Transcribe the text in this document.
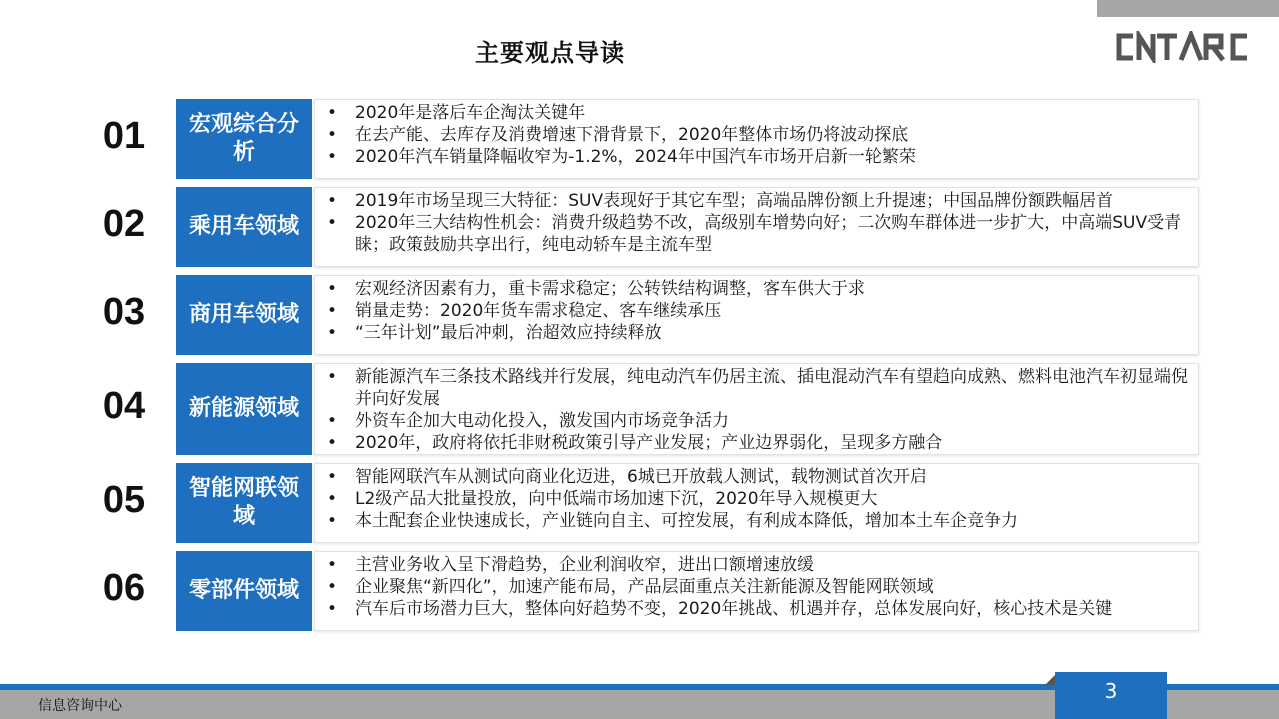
主要观点导读
01	宏观综合分析
• 2020年是落后车企淘汰关键年
• 在去产能、去库存及消费增速下滑背景下，2020年整体市场仍将波动探底
• 2020年汽车销量降幅收窄为-1.2%，2024年中国汽车市场开启新一轮繁荣
02	乘用车领域
• 2019年市场呈现三大特征：SUV表现好于其它车型；高端品牌份额上升提速；中国品牌份额跌幅居首
• 2020年三大结构性机会：消费升级趋势不改，高级别车增势向好；二次购车群体进一步扩大，中高端SUV受青睐；政策鼓励共享出行，纯电动轿车是主流车型
03	商用车领域
• 宏观经济因素有力，重卡需求稳定；公转铁结构调整，客车供大于求
• 销量走势：2020年货车需求稳定、客车继续承压
• “三年计划”最后冲刺，治超效应持续释放
04	新能源领域
• 新能源汽车三条技术路线并行发展，纯电动汽车仍居主流、插电混动汽车有望趋向成熟、燃料电池汽车初显端倪并向好发展
• 外资车企加大电动化投入，激发国内市场竞争活力
• 2020年，政府将依托非财税政策引导产业发展；产业边界弱化，呈现多方融合
05	智能网联领域
• 智能网联汽车从测试向商业化迈进，6城已开放载人测试，载物测试首次开启
• L2级产品大批量投放，向中低端市场加速下沉，2020年导入规模更大
• 本土配套企业快速成长，产业链向自主、可控发展，有利成本降低，增加本土车企竞争力
06	零部件领域
• 主营业务收入呈下滑趋势，企业利润收窄，进出口额增速放缓
• 企业聚焦“新四化”，加速产能布局，产品层面重点关注新能源及智能网联领域
• 汽车后市场潜力巨大，整体向好趋势不变，2020年挑战、机遇并存，总体发展向好，核心技术是关键
信息咨询中心
3
